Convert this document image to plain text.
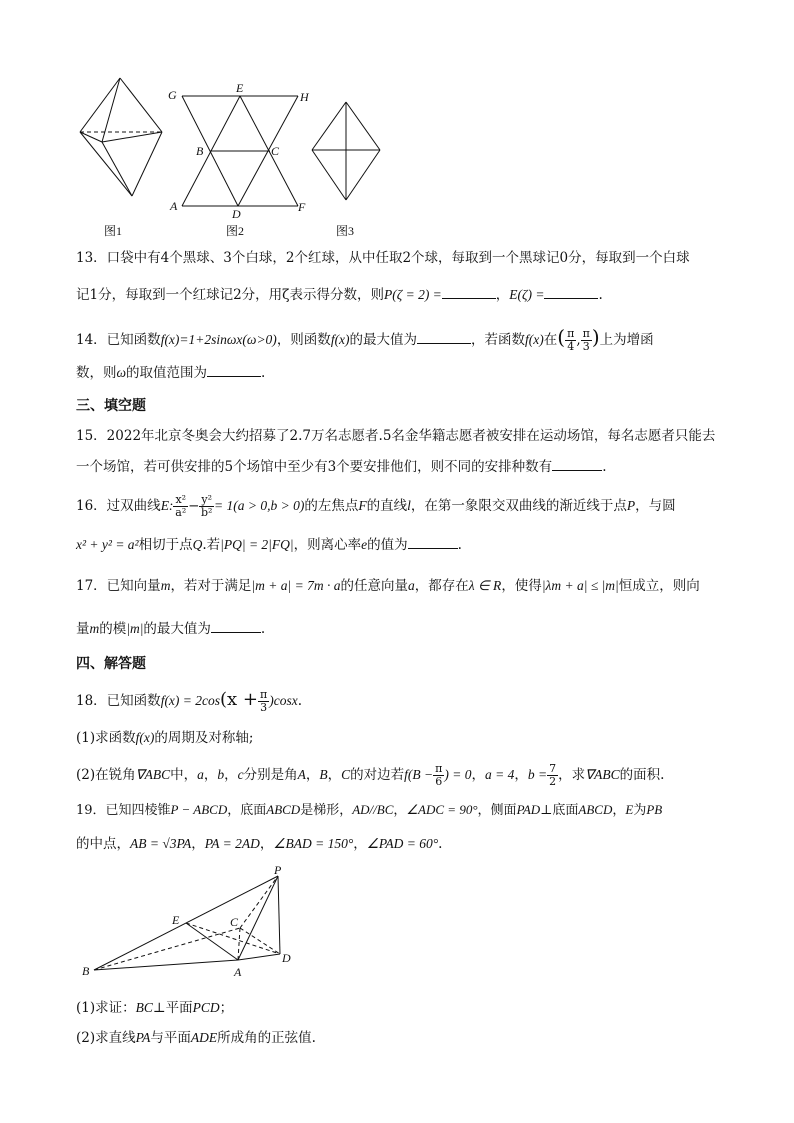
图1
G	E
H
B	C
A
D	F
图2	图3
13．口袋中有4个黑球、3个白球，2个红球，从中任取2个球，每取到一个黑球记0分，每取到一个白球
记1分，每取到一个红球记2分，用ζ表示得分数，则P(ζ = 2) =	，E(ζ) =	.
14．已知函数f(x)=1+2sinωx(ω>0)，则函数f(x)的最大值为	，若函数f(x)在( $\frac{\pi}{4}$ , $\frac{\pi}{3}$ )上为增函
数，则ω的取值范围为	.
三、填空题
15．2022年北京冬奥会大约招募了2.7万名志愿者.5名金华籍志愿者被安排在运动场馆，每名志愿者只能去
一个场馆，若可供安排的5个场馆中至少有3个要安排他们，则不同的安排种数有	.
16．过双曲线E: $\frac{\text{x²}}{\text{a²}} - \frac{\text{y²}}{\text{b²}} = 1(a > 0,b > 0)$的左焦点F的直线l，在第一象限交双曲线的渐近线于点P，与圆
x² + y² = a²相切于点Q.若|PQ| = 2|FQ|，则离心率e的值为	.
17．已知向量m，若对于满足|m + a| = 7m · a的任意向量a，都存在λ ∈ R，使得|λm + a| ≤ |m|恒成立，则向
量m的模|m|的最大值为	.
四、解答题
18．已知函数$f(x) = 2\cos(x + \frac{\pi}{3} )\cos x$.
(1)求函数f(x)的周期及对称轴;
(2)在锐角∇ABC中，a，b，c分别是角A，B，C的对边若$f(B - \frac{\pi}{6}$ ) = 0，a = 4，$b = \frac{7}{2}$ ，求∇ABC的面积.
19．已知四棱锥P − ABCD，底面ABCD是梯形，AD//BC，∠ADC = 90°，侧面PAD⊥底面ABCD，E为PB
的中点，AB = √3PA，PA = 2AD，∠BAD = 150°，∠PAD = 60°.
P
E	C
B	A
D
(1)求证：BC⊥平面PCD；
(2)求直线PA与平面ADE所成角的正弦值.
